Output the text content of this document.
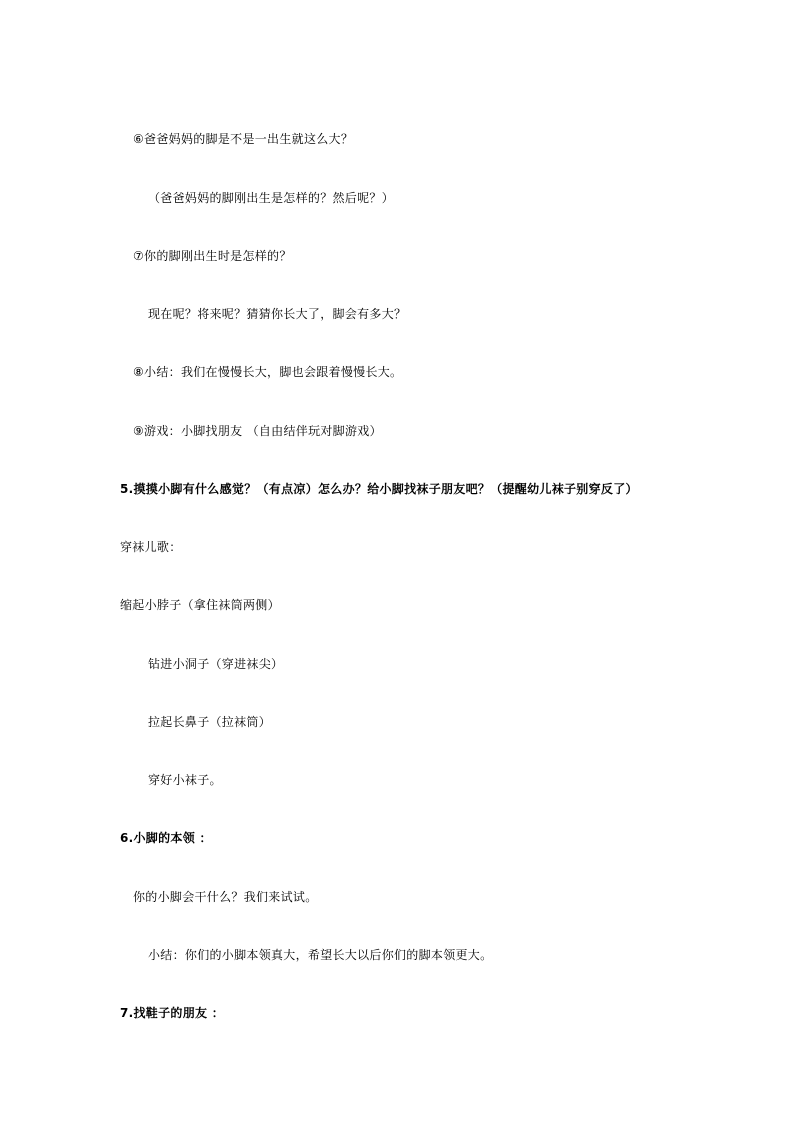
⑥爸爸妈妈的脚是不是一出生就这么大？
（爸爸妈妈的脚刚出生是怎样的？然后呢？）
⑦你的脚刚出生时是怎样的？
现在呢？将来呢？猜猜你长大了，脚会有多大？
⑧小结：我们在慢慢长大，脚也会跟着慢慢长大。
⑨游戏：小脚找朋友 （自由结伴玩对脚游戏）
5.摸摸小脚有什么感觉？（有点凉）怎么办？给小脚找袜子朋友吧？（提醒幼儿袜子别穿反了）
穿袜儿歌：
缩起小脖子（拿住袜筒两侧）
钻进小洞子（穿进袜尖）
拉起长鼻子（拉袜筒）
穿好小袜子。
6.小脚的本领 ：
你的小脚会干什么？我们来试试。
小结：你们的小脚本领真大，希望长大以后你们的脚本领更大。
7.找鞋子的朋友 ：
